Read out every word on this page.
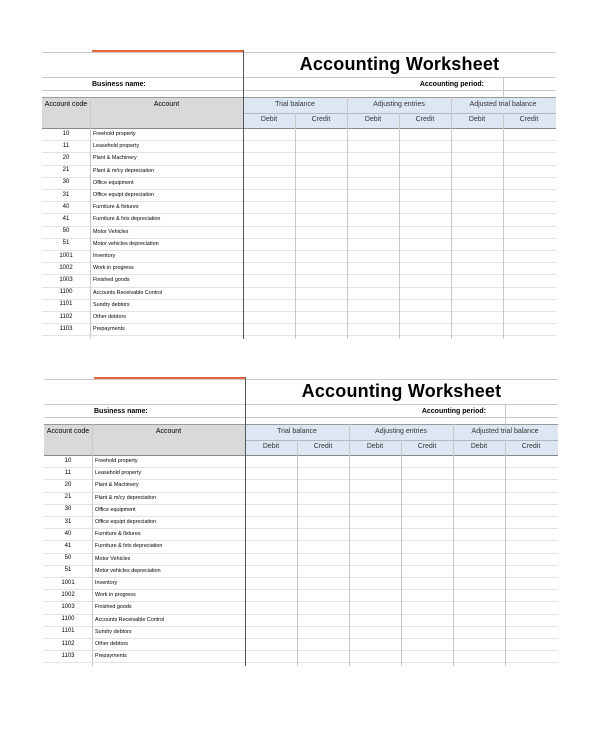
Accounting Worksheet
Business name:	Accounting period:
Account code	Account	Trial balance
Debit	Credit
Adjusting entries
Debit	Credit
Adjusted trial balance
Debit	Credit
10	Freehold property
11	Leasehold property
20	Plant & Machinery
21	Plant & m/cy depreciation
30	Office equipment
31	Office equipt depreciation
40	Furniture & fixtures
41	Furniture & fxts depreciation
50	Motor Vehicles
51	Motor vehicles depreciation
1001	Inventory
1002	Work in progress
1003	Finished goods
1100	Accounts Receivable Control
1101	Sundry debtors
1102	Other debtors
1103	Prepayments
Accounting Worksheet
Business name:	Accounting period:
Account code	Account	Trial balance
Debit	Credit
Adjusting entries
Debit	Credit
Adjusted trial balance
Debit	Credit
10	Freehold property
11	Leasehold property
20	Plant & Machinery
21	Plant & m/cy depreciation
30	Office equipment
31	Office equipt depreciation
40	Furniture & fixtures
41	Furniture & fxts depreciation
50	Motor Vehicles
51	Motor vehicles depreciation
1001	Inventory
1002	Work in progress
1003	Finished goods
1100	Accounts Receivable Control
1101	Sundry debtors
1102	Other debtors
1103	Prepayments
